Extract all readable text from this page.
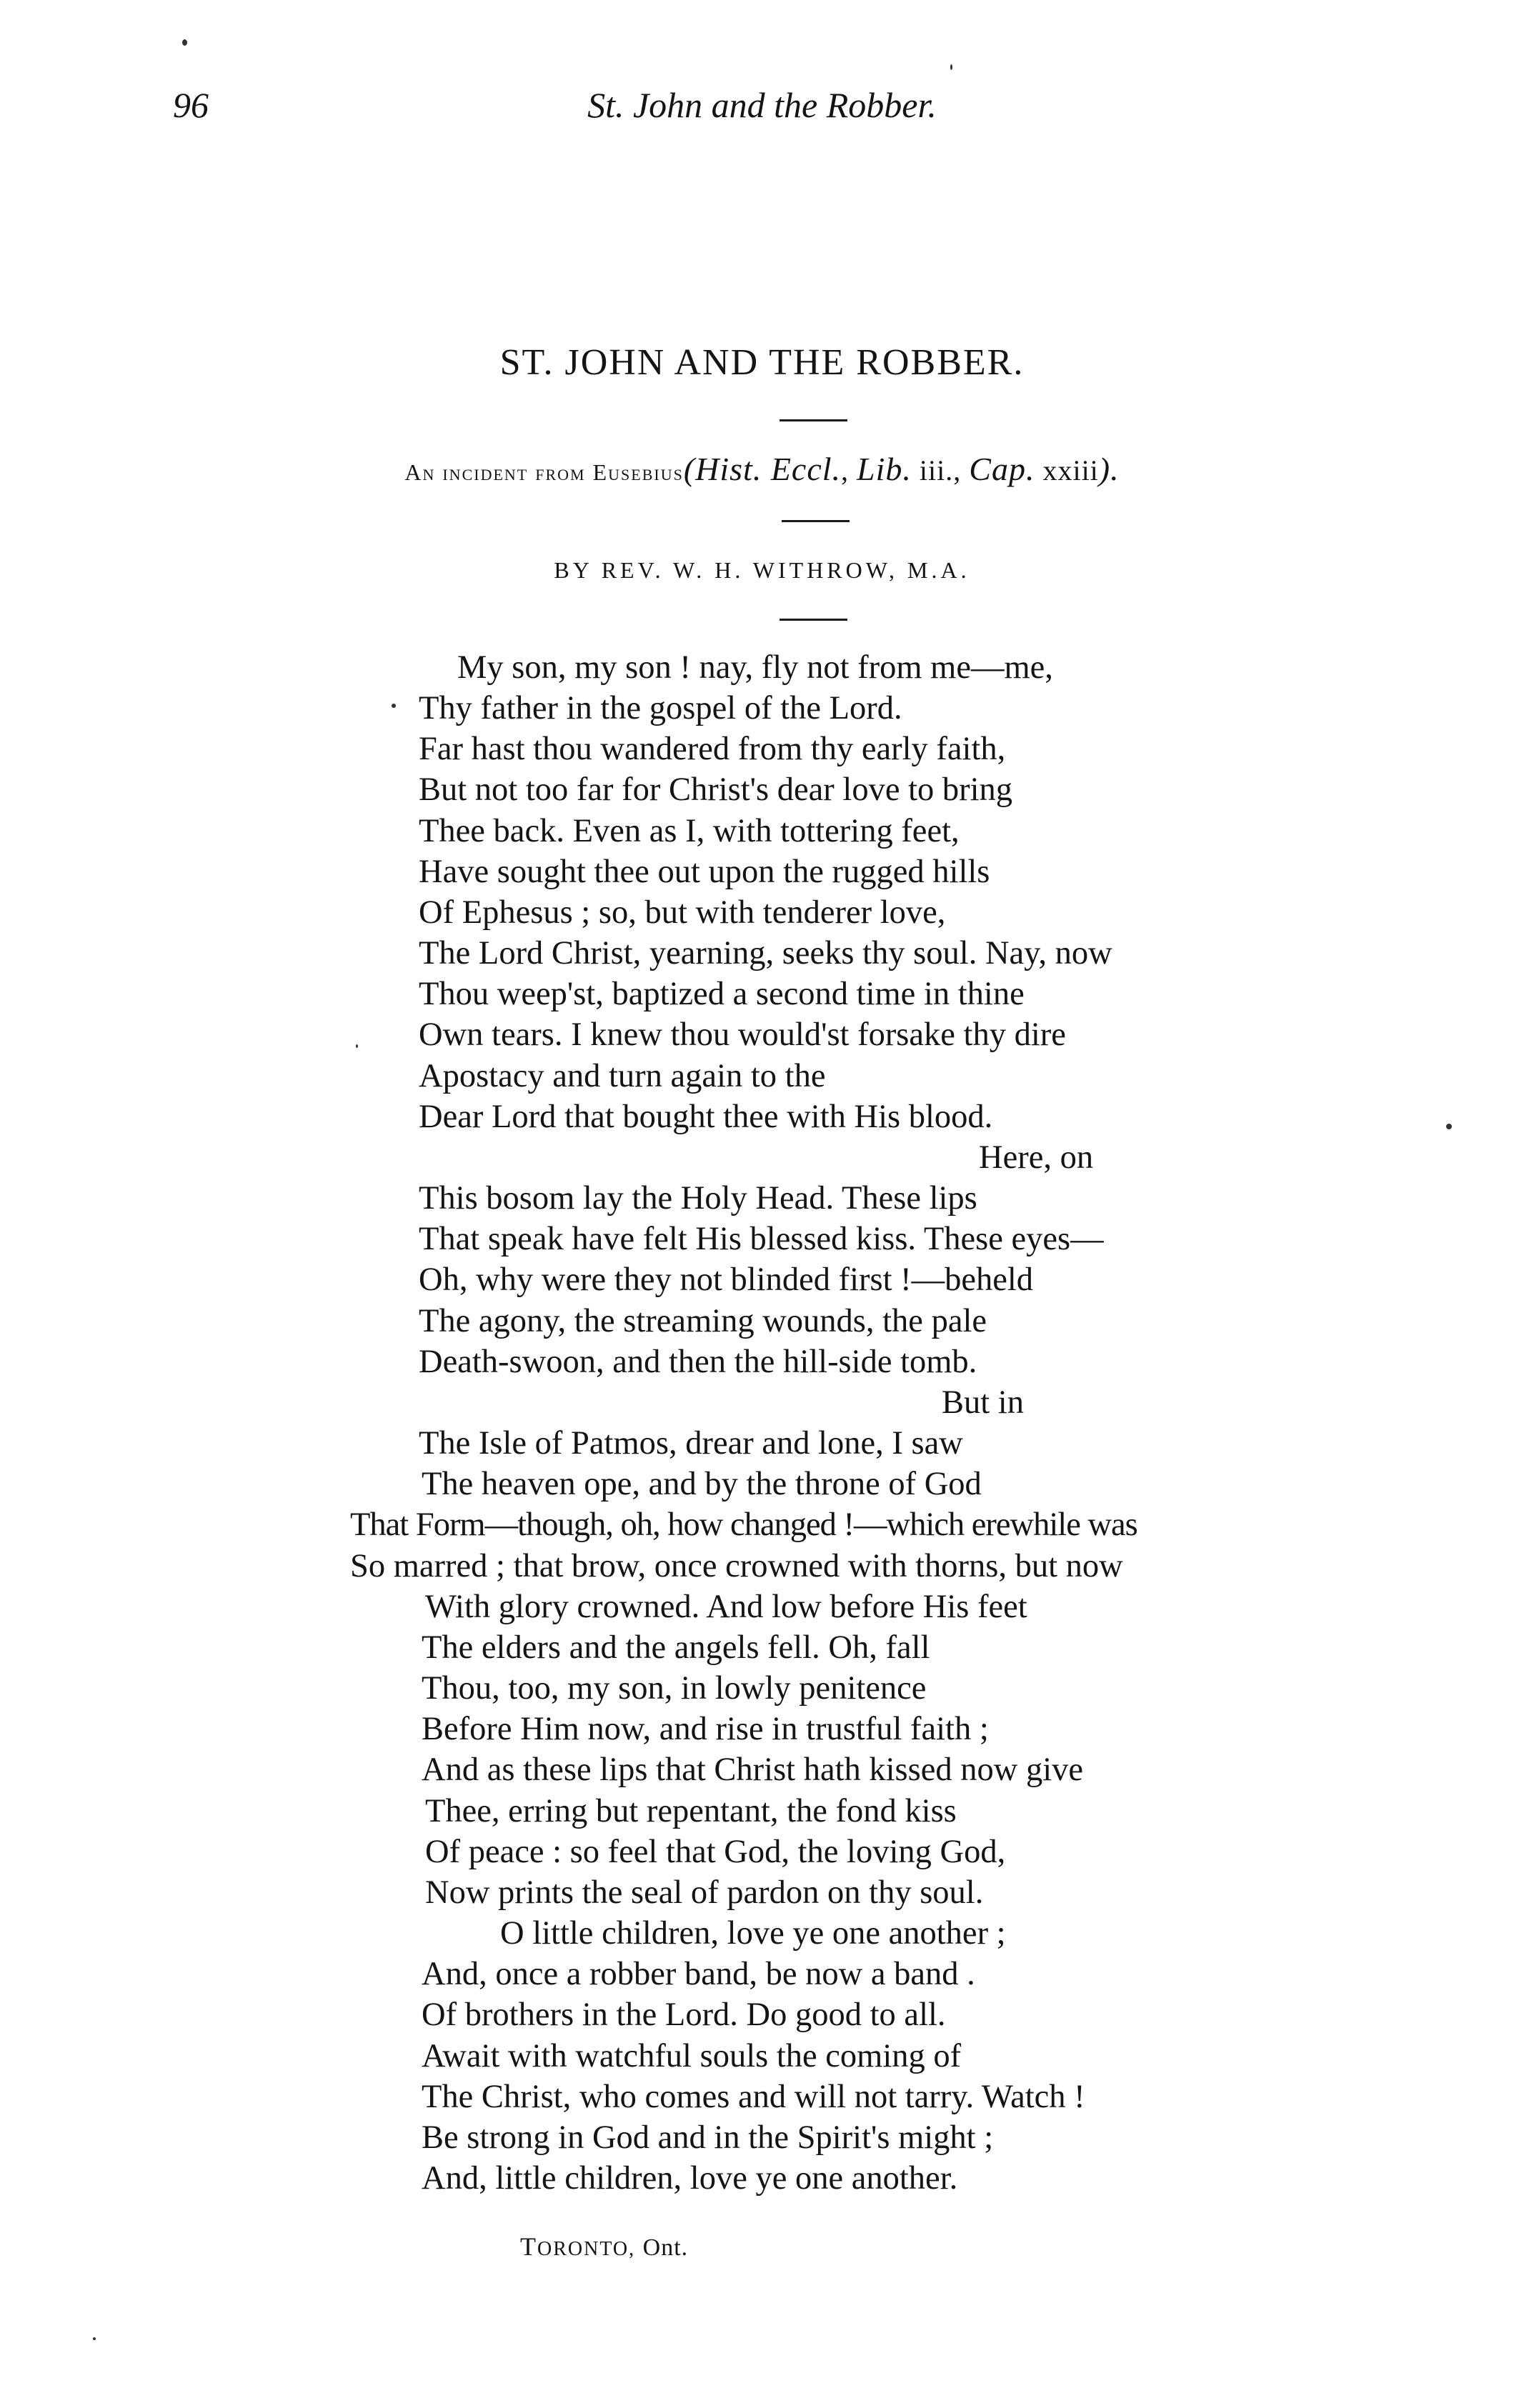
96	St. John and the Robber.
ST. JOHN AND THE ROBBER.
An incident from Eusebius(Hist. Eccl., Lib. iii., Cap. xxiii).
BY REV. W. H. WITHROW, M.A.
My son, my son ! nay, fly not from me—me,
Thy father in the gospel of the Lord.
Far hast thou wandered from thy early faith,
But not too far for Christ's dear love to bring
Thee back. Even as I, with tottering feet,
Have sought thee out upon the rugged hills
Of Ephesus ; so, but with tenderer love,
The Lord Christ, yearning, seeks thy soul. Nay, now
Thou weep'st, baptized a second time in thine
Own tears. I knew thou would'st forsake thy dire
Apostacy and turn again to the
Dear Lord that bought thee with His blood.
Here, on
This bosom lay the Holy Head. These lips
That speak have felt His blessed kiss. These eyes—
Oh, why were they not blinded first !—beheld
The agony, the streaming wounds, the pale
Death-swoon, and then the hill-side tomb.
But in
The Isle of Patmos, drear and lone, I saw
The heaven ope, and by the throne of God
That Form—though, oh, how changed !—which erewhile was
So marred ; that brow, once crowned with thorns, but now
With glory crowned. And low before His feet
The elders and the angels fell. Oh, fall
Thou, too, my son, in lowly penitence
Before Him now, and rise in trustful faith ;
And as these lips that Christ hath kissed now give
Thee, erring but repentant, the fond kiss
Of peace : so feel that God, the loving God,
Now prints the seal of pardon on thy soul.
O little children, love ye one another ;
And, once a robber band, be now a band .
Of brothers in the Lord. Do good to all.
Await with watchful souls the coming of
The Christ, who comes and will not tarry. Watch !
Be strong in God and in the Spirit's might ;
And, little children, love ye one another.
TORONTO, Ont.
